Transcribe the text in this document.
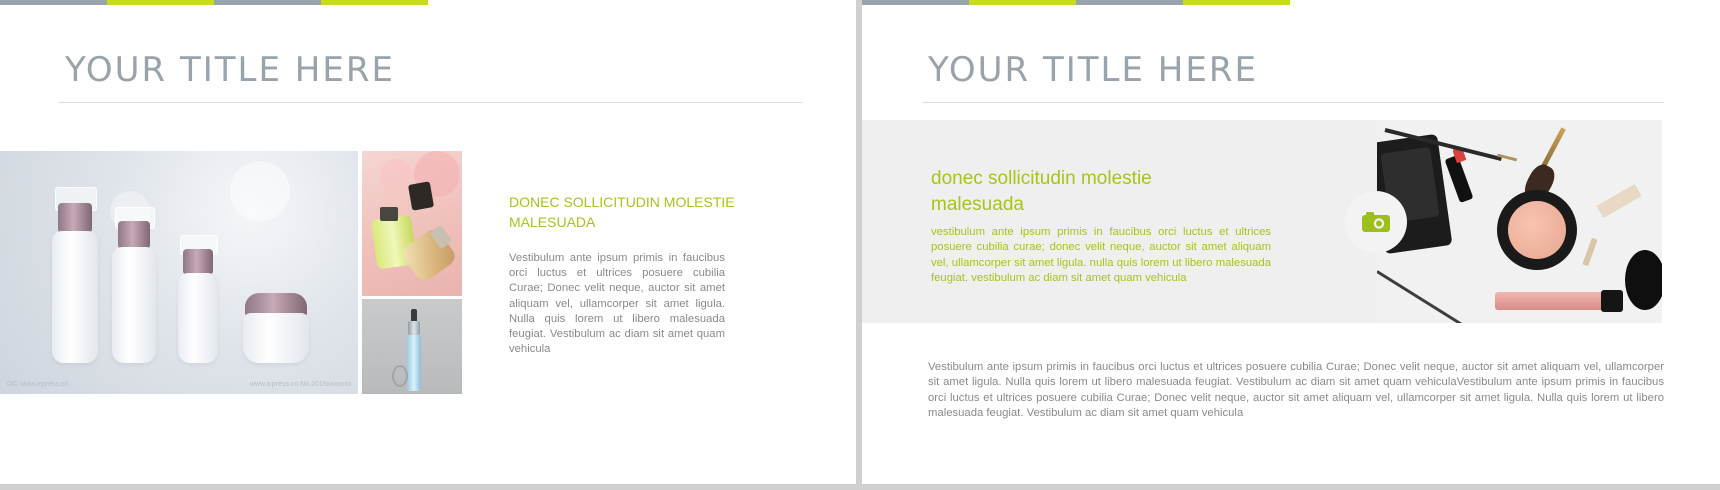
YOUR TITLE HERE
©IC www.icpress.cn	www.icpress.cn No.2015xxxxxxx
DONEC SOLLICITUDIN MOLESTIE MALESUADA
Vestibulum ante ipsum primis in faucibus orci luctus et ultrices posuere cubilia Curae; Donec velit neque, auctor sit amet aliquam vel, ullamcorper sit amet ligula. Nulla quis lorem ut libero malesuada feugiat. Vestibulum ac diam sit amet quam vehicula
YOUR TITLE HERE
donec sollicitudin molestie malesuada
vestibulum ante ipsum primis in faucibus orci luctus et ultrices posuere cubilia curae; donec velit neque, auctor sit amet aliquam vel, ullamcorper sit amet ligula. nulla quis lorem ut libero malesuada feugiat. vestibulum ac diam sit amet quam vehicula
Vestibulum ante ipsum primis in faucibus orci luctus et ultrices posuere cubilia Curae; Donec velit neque, auctor sit amet aliquam vel, ullamcorper sit amet ligula. Nulla quis lorem ut libero malesuada feugiat. Vestibulum ac diam sit amet quam vehiculaVestibulum ante ipsum primis in faucibus orci luctus et ultrices posuere cubilia Curae; Donec velit neque, auctor sit amet aliquam vel, ullamcorper sit amet ligula. Nulla quis lorem ut libero malesuada feugiat. Vestibulum ac diam sit amet quam vehicula
